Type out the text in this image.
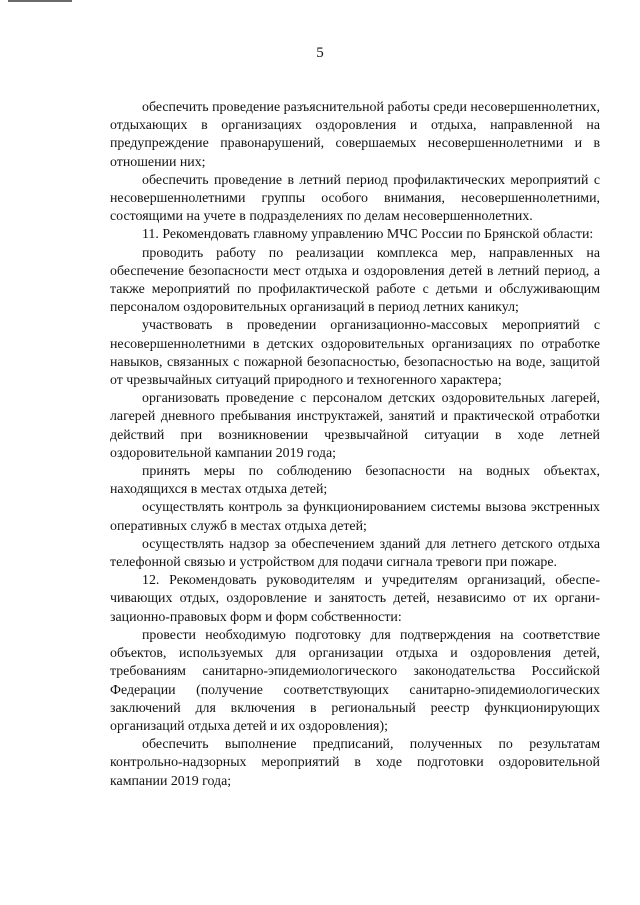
5

обеспечить проведение разъяснительной работы среди несовершеннолетних, отдыхающих в организациях оздоровления и отдыха, направленной на предупреждение правонарушений, совершаемых несовершеннолетними и в отношении них;

обеспечить проведение в летний период профилактических мероприятий с несовершеннолетними группы особого внимания, несовершеннолетними, состоящими на учете в подразделениях по делам несовершеннолетних.

11. Рекомендовать главному управлению МЧС России по Брянской области:

проводить работу по реализации комплекса мер, направленных на обеспечение безопасности мест отдыха и оздоровления детей в летний период, а также мероприятий по профилактической работе с детьми и обслуживающим персоналом оздоровительных организаций в период летних каникул;

участвовать в проведении организационно-массовых мероприятий с несовершеннолетними в детских оздоровительных организациях по отработке навыков, связанных с пожарной безопасностью, безопасностью на воде, защитой от чрезвычайных ситуаций природного и техногенного характера;

организовать проведение с персоналом детских оздоровительных лагерей, лагерей дневного пребывания инструктажей, занятий и практической отработки действий при возникновении чрезвычайной ситуации в ходе летней оздоровительной кампании 2019 года;

принять меры по соблюдению безопасности на водных объектах, находящихся в местах отдыха детей;

осуществлять контроль за функционированием системы вызова экстренных оперативных служб в местах отдыха детей;

осуществлять надзор за обеспечением зданий для летнего детского отдыха телефонной связью и устройством для подачи сигнала тревоги при пожаре.

12. Рекомендовать руководителям и учредителям организаций, обеспечивающих отдых, оздоровление и занятость детей, независимо от их организационно-правовых форм и форм собственности:

провести необходимую подготовку для подтверждения на соответствие объектов, используемых для организации отдыха и оздоровления детей, требованиям санитарно-эпидемиологического законодательства Российской Федерации (получение соответствующих санитарно-эпидемиологических заключений для включения в региональный реестр функционирующих организаций отдыха детей и их оздоровления);

обеспечить выполнение предписаний, полученных по результатам контрольно-надзорных мероприятий в ходе подготовки оздоровительной кампании 2019 года;
